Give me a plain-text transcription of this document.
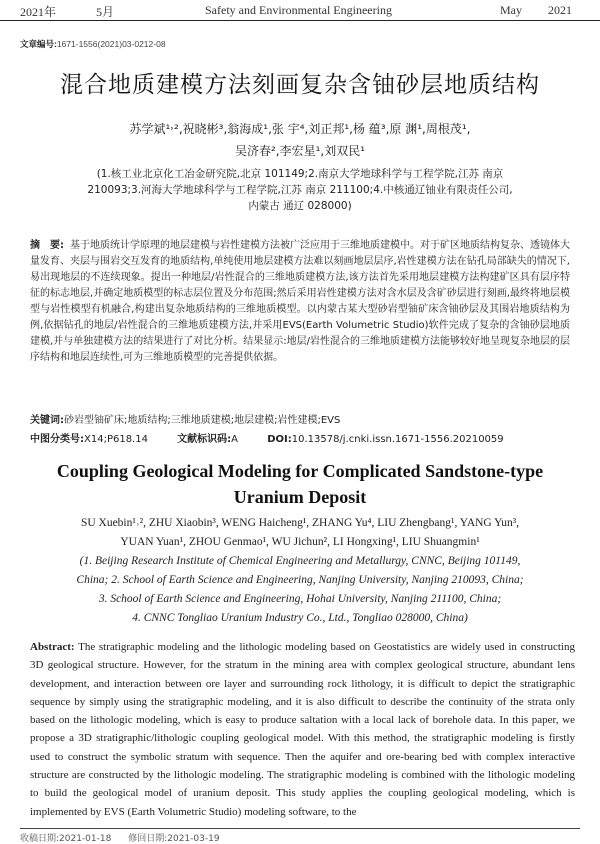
2021年	5月	Safety and Environmental Engineering	May 2021
文章编号:1671-1556(2021)03-0212-08
混合地质建模方法刻画复杂含铀砂层地质结构
苏学斌¹˒²,祝晓彬³,翁海成¹,张 宇⁴,刘正邦¹,杨 蕴³,原 渊¹,周根茂¹,
吴济春²,李宏星¹,刘双民¹
(1.核工业北京化工冶金研究院,北京 101149;2.南京大学地球科学与工程学院,江苏 南京
210093;3.河海大学地球科学与工程学院,江苏 南京 211100;4.中核通辽铀业有限责任公司,
内蒙古 通辽 028000)
摘　要: 基于地质统计学原理的地层建模与岩性建模方法被广泛应用于三维地质建模中。对于矿区地质结构复杂、透镜体大量发育、夹层与围岩交互发育的地质结构,单纯使用地层建模方法难以刻画地层层序,岩性建模方法在钻孔局部缺失的情况下,易出现地层的不连续现象。提出一种地层/岩性混合的三维地质建模方法,该方法首先采用地层建模方法构建矿区具有层序特征的标志地层,并确定地质模型的标志层位置及分布范围;然后采用岩性建模方法对含水层及含矿砂层进行刻画,最终将地层模型与岩性模型有机融合,构建出复杂地质结构的三维地质模型。以内蒙古某大型砂岩型铀矿床含铀砂层及其围岩地质结构为例,依据钻孔的地层/岩性混合的三维地质建模方法,并采用EVS(Earth Volumetric Studio)软件完成了复杂的含铀砂层地质建模,并与单独建模方法的结果进行了对比分析。结果显示:地层/岩性混合的三维地质建模方法能够较好地呈现复杂地层的层序结构和地层连续性,可为三维地质模型的完善提供依据。
关键词:砂岩型铀矿床;地质结构;三维地质建模;地层建模;岩性建模;EVS
中图分类号:X14;P618.14	文献标识码:A	DOI:10.13578/j.cnki.issn.1671-1556.20210059
Coupling Geological Modeling for Complicated Sandstone-type Uranium Deposit
SU Xuebin¹˒², ZHU Xiaobin³, WENG Haicheng¹, ZHANG Yu⁴, LIU Zhengbang¹, YANG Yun³,
YUAN Yuan¹, ZHOU Genmao¹, WU Jichun², LI Hongxing¹, LIU Shuangmin¹
(1. Beijing Research Institute of Chemical Engineering and Metallurgy, CNNC, Beijing 101149,
China; 2. School of Earth Science and Engineering, Nanjing University, Nanjing 210093, China;
3. School of Earth Science and Engineering, Hohai University, Nanjing 211100, China;
4. CNNC Tongliao Uranium Industry Co., Ltd., Tongliao 028000, China)
Abstract: The stratigraphic modeling and the lithologic modeling based on Geostatistics are widely used in constructing 3D geological structure. However, for the stratum in the mining area with complex geological structure, abundant lens development, and interaction between ore layer and surrounding rock lithology, it is difficult to depict the stratigraphic sequence by simply using the stratigraphic modeling, and it is also difficult to describe the continuity of the strata only based on the lithologic modeling, which is easy to produce saltation with a local lack of borehole data. In this paper, we propose a 3D stratigraphic/lithologic coupling geological model. With this method, the stratigraphic modeling is firstly used to construct the symbolic stratum with sequence. Then the aquifer and ore-bearing bed with complex interactive structure are constructed by the lithologic modeling. The stratigraphic modeling is combined with the lithologic modeling to build the geological model of uranium deposit. This study applies the coupling geological modeling, which is implemented by EVS (Earth Volumetric Studio) modeling software, to the
收稿日期:2021-01-18 修回日期:2021-03-19
